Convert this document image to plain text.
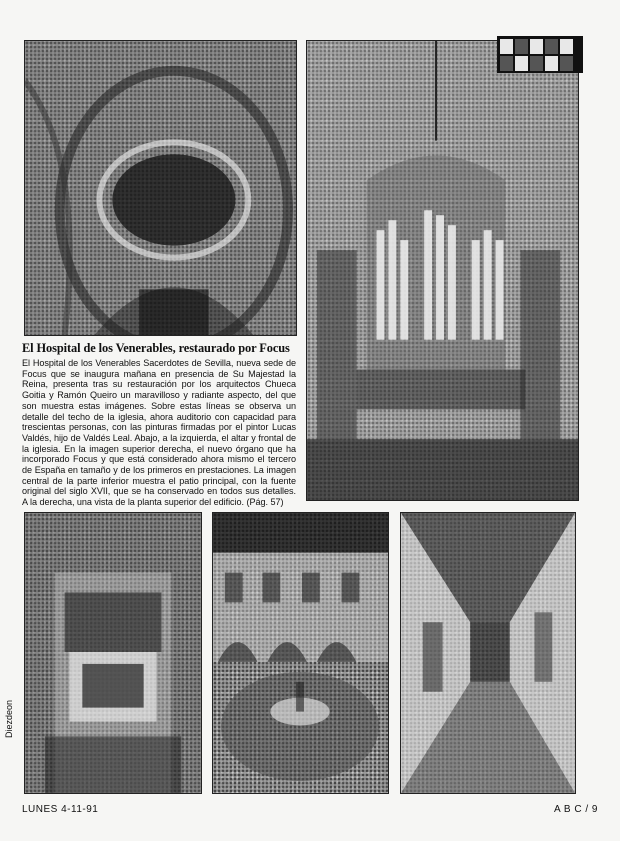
El Hospital de los Venerables, restaurado por Focus
El Hospital de los Venerables Sacerdotes de Sevilla, nueva sede de Focus que se inaugura mañana en presencia de Su Majestad la Reina, presenta tras su restauración por los arquitectos Chueca Goitia y Ramón Queiro un maravilloso y radiante aspecto, del que son muestra estas imágenes. Sobre estas líneas se observa un detalle del techo de la iglesia, ahora auditorio con capacidad para trescientas personas, con las pinturas firmadas por el pintor Lucas Valdés, hijo de Valdés Leal. Abajo, a la izquierda, el altar y frontal de la iglesia. En la imagen superior derecha, el nuevo órgano que ha incorporado Focus y que está considerado ahora mismo el tercero de España en tamaño y de los primeros en prestaciones. La imagen central de la parte inferior muestra el patio principal, con la fuente original del siglo XVII, que se ha conservado en todos sus detalles. A la derecha, una vista de la planta superior del edificio. (Pág. 57)
Diezdeon
LUNES 4-11-91	A B C / 9
